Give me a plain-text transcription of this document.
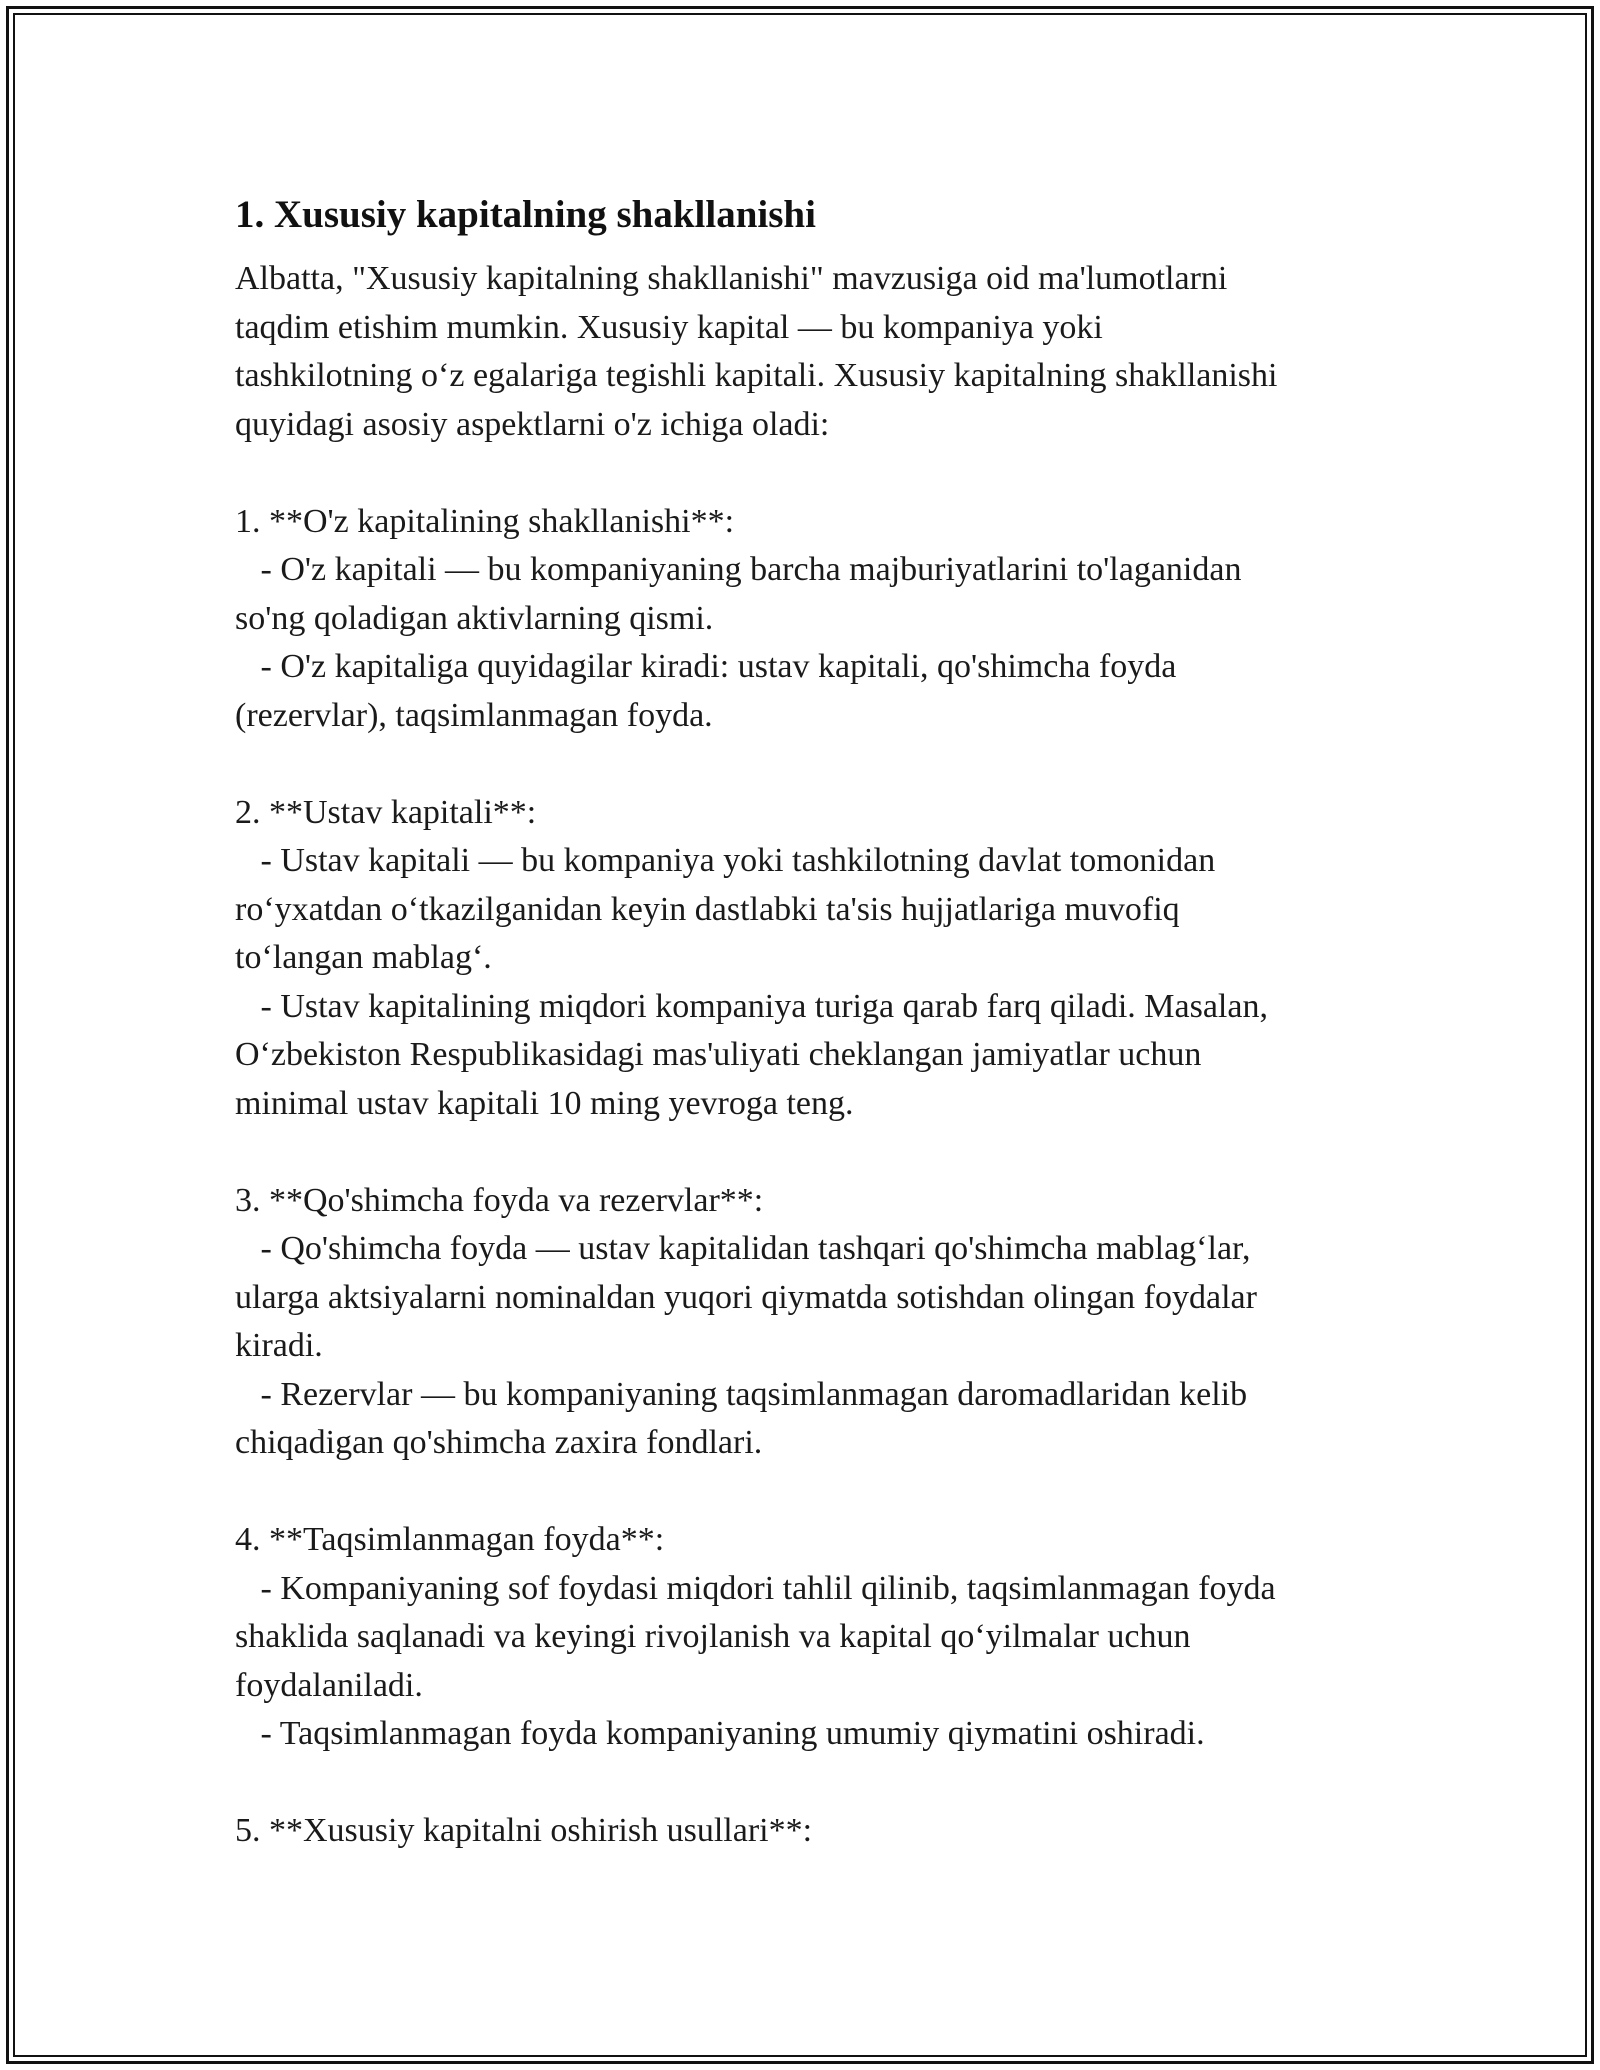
1. Xususiy kapitalning shakllanishi

Albatta, "Xususiy kapitalning shakllanishi" mavzusiga oid ma'lumotlarni
taqdim etishim mumkin. Xususiy kapital — bu kompaniya yoki
tashkilotning o‘z egalariga tegishli kapitali. Xususiy kapitalning shakllanishi
quyidagi asosiy aspektlarni o'z ichiga oladi:

1. **O'z kapitalining shakllanishi**:

- O'z kapitali — bu kompaniyaning barcha majburiyatlarini to'laganidan
so'ng qoladigan aktivlarning qismi.

- O'z kapitaliga quyidagilar kiradi: ustav kapitali, qo'shimcha foyda
(rezervlar), taqsimlanmagan foyda.

2. **Ustav kapitali**:

- Ustav kapitali — bu kompaniya yoki tashkilotning davlat tomonidan
ro‘yxatdan o‘tkazilganidan keyin dastlabki ta'sis hujjatlariga muvofiq
to‘langan mablag‘.

- Ustav kapitalining miqdori kompaniya turiga qarab farq qiladi. Masalan,
O‘zbekiston Respublikasidagi mas'uliyati cheklangan jamiyatlar uchun
minimal ustav kapitali 10 ming yevroga teng.

3. **Qo'shimcha foyda va rezervlar**:

- Qo'shimcha foyda — ustav kapitalidan tashqari qo'shimcha mablag‘lar,
ularga aktsiyalarni nominaldan yuqori qiymatda sotishdan olingan foydalar
kiradi.

- Rezervlar — bu kompaniyaning taqsimlanmagan daromadlaridan kelib
chiqadigan qo'shimcha zaxira fondlari.

4. **Taqsimlanmagan foyda**:

- Kompaniyaning sof foydasi miqdori tahlil qilinib, taqsimlanmagan foyda
shaklida saqlanadi va keyingi rivojlanish va kapital qo‘yilmalar uchun
foydalaniladi.

- Taqsimlanmagan foyda kompaniyaning umumiy qiymatini oshiradi.

5. **Xususiy kapitalni oshirish usullari**:
